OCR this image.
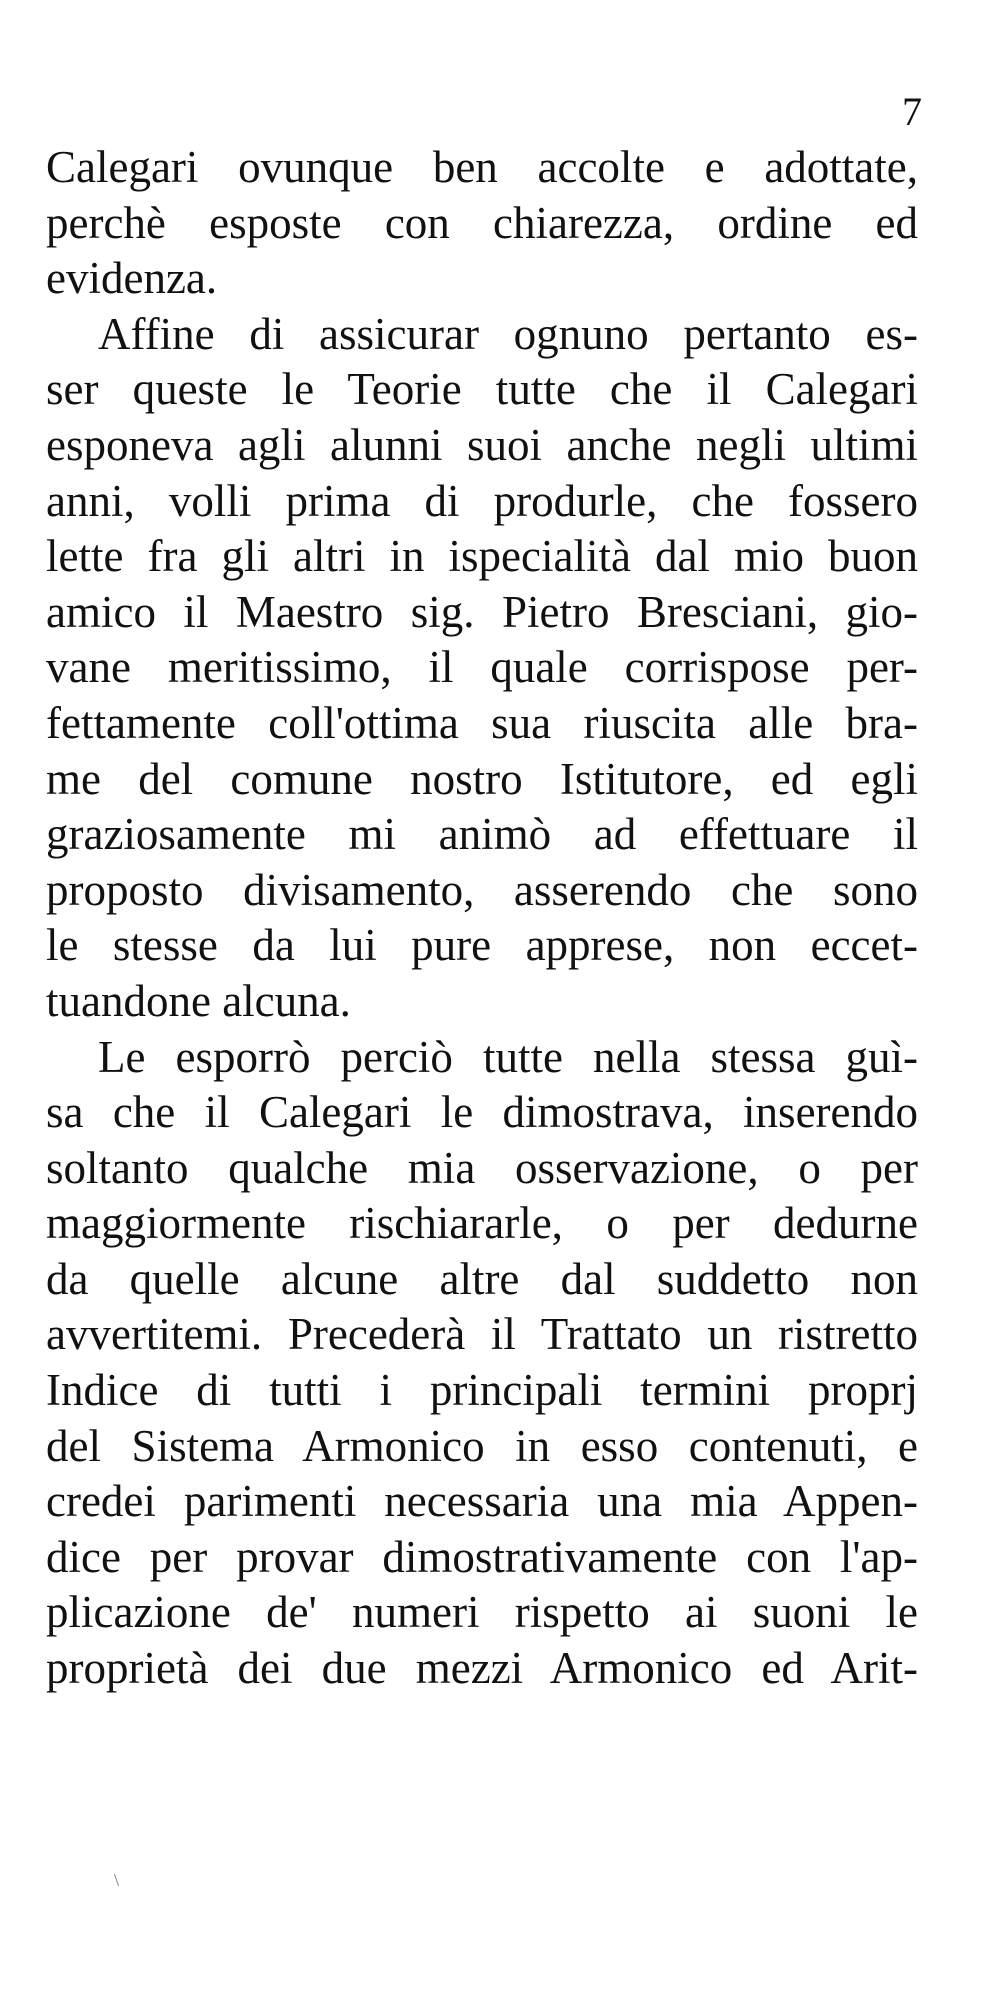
7
Calegari ovunque ben accolte e adottate,
perchè esposte con chiarezza, ordine ed
evidenza.
Affine di assicurar ognuno pertanto es-
ser queste le Teorie tutte che il Calegari
esponeva agli alunni suoi anche negli ultimi
anni, volli prima di produrle, che fossero
lette fra gli altri in ispecialità dal mio buon
amico il Maestro sig. Pietro Bresciani, gio-
vane meritissimo, il quale corrispose per-
fettamente coll'ottima sua riuscita alle bra-
me del comune nostro Istitutore, ed egli
graziosamente mi animò ad effettuare il
proposto divisamento, asserendo che sono
le stesse da lui pure apprese, non eccet-
tuandone alcuna.
Le esporrò perciò tutte nella stessa guì-
sa che il Calegari le dimostrava, inserendo
soltanto qualche mia osservazione, o per
maggiormente rischiararle, o per dedurne
da quelle alcune altre dal suddetto non
avvertitemi. Precederà il Trattato un ristretto
Indice di tutti i principali termini proprj
del Sistema Armonico in esso contenuti, e
credei parimenti necessaria una mia Appen-
dice per provar dimostrativamente con l'ap-
plicazione de' numeri rispetto ai suoni le
proprietà dei due mezzi Armonico ed Arit-
\
